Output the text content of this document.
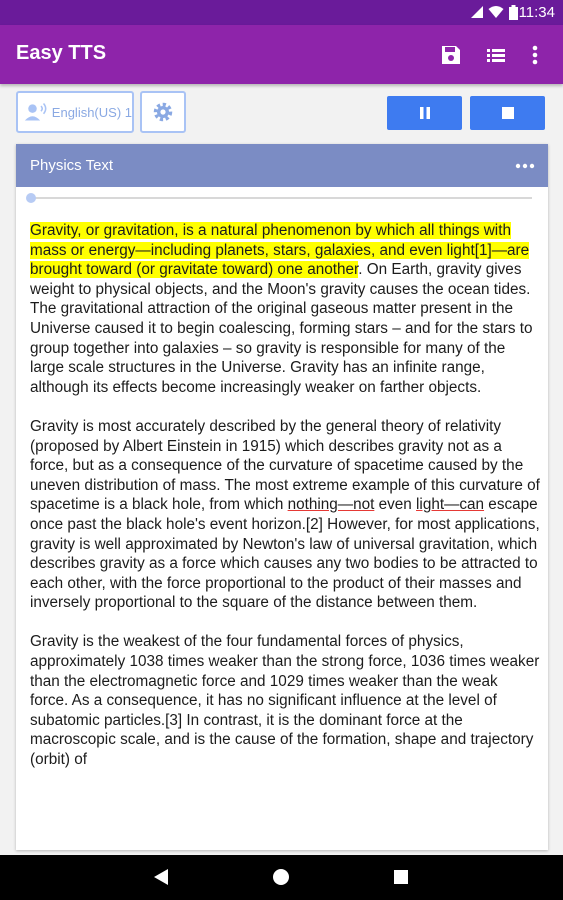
11:34
Easy TTS
English(US) 1
Physics Text

Gravity, or gravitation, is a natural phenomenon by which all things with mass or energy—including planets, stars, galaxies, and even light[1]—are brought toward (or gravitate toward) one another. On Earth, gravity gives weight to physical objects, and the Moon's gravity causes the ocean tides. The gravitational attraction of the original gaseous matter present in the Universe caused it to begin coalescing, forming stars – and for the stars to group together into galaxies – so gravity is responsible for many of the large scale structures in the Universe. Gravity has an infinite range, although its effects become increasingly weaker on farther objects.

Gravity is most accurately described by the general theory of relativity (proposed by Albert Einstein in 1915) which describes gravity not as a force, but as a consequence of the curvature of spacetime caused by the uneven distribution of mass. The most extreme example of this curvature of spacetime is a black hole, from which nothing—not even light—can escape once past the black hole's event horizon.[2] However, for most applications, gravity is well approximated by Newton's law of universal gravitation, which describes gravity as a force which causes any two bodies to be attracted to each other, with the force proportional to the product of their masses and inversely proportional to the square of the distance between them.

Gravity is the weakest of the four fundamental forces of physics, approximately 1038 times weaker than the strong force, 1036 times weaker than the electromagnetic force and 1029 times weaker than the weak force. As a consequence, it has no significant influence at the level of subatomic particles.[3] In contrast, it is the dominant force at the macroscopic scale, and is the cause of the formation, shape and trajectory (orbit) of
